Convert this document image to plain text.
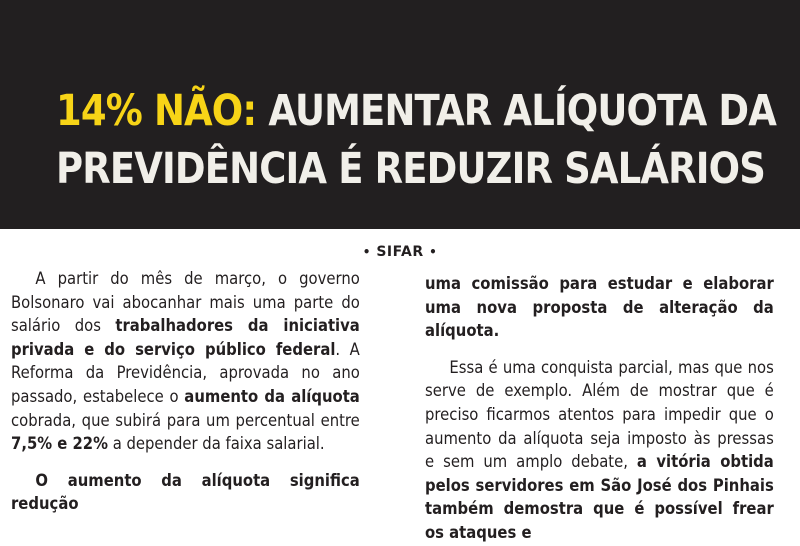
14% NÃO: AUMENTAR ALÍQUOTA DA
PREVIDÊNCIA É REDUZIR SALÁRIOS
• SIFAR •

A partir do mês de março, o governo Bolsonaro vai abocanhar mais uma parte do salário dos trabalhadores da iniciativa privada e do serviço público federal. A Reforma da Previdência, aprovada no ano passado, estabelece o aumento da alíquota cobrada, que subirá para um percentual entre 7,5% e 22% a depender da faixa salarial.

O aumento da alíquota significa redução

uma comissão para estudar e elaborar uma nova proposta de alteração da alíquota.

Essa é uma conquista parcial, mas que nos serve de exemplo. Além de mostrar que é preciso ficarmos atentos para impedir que o aumento da alíquota seja imposto às pressas e sem um amplo debate, a vitória obtida pelos servidores em São José dos Pinhais também demostra que é possível frear os ataques e
